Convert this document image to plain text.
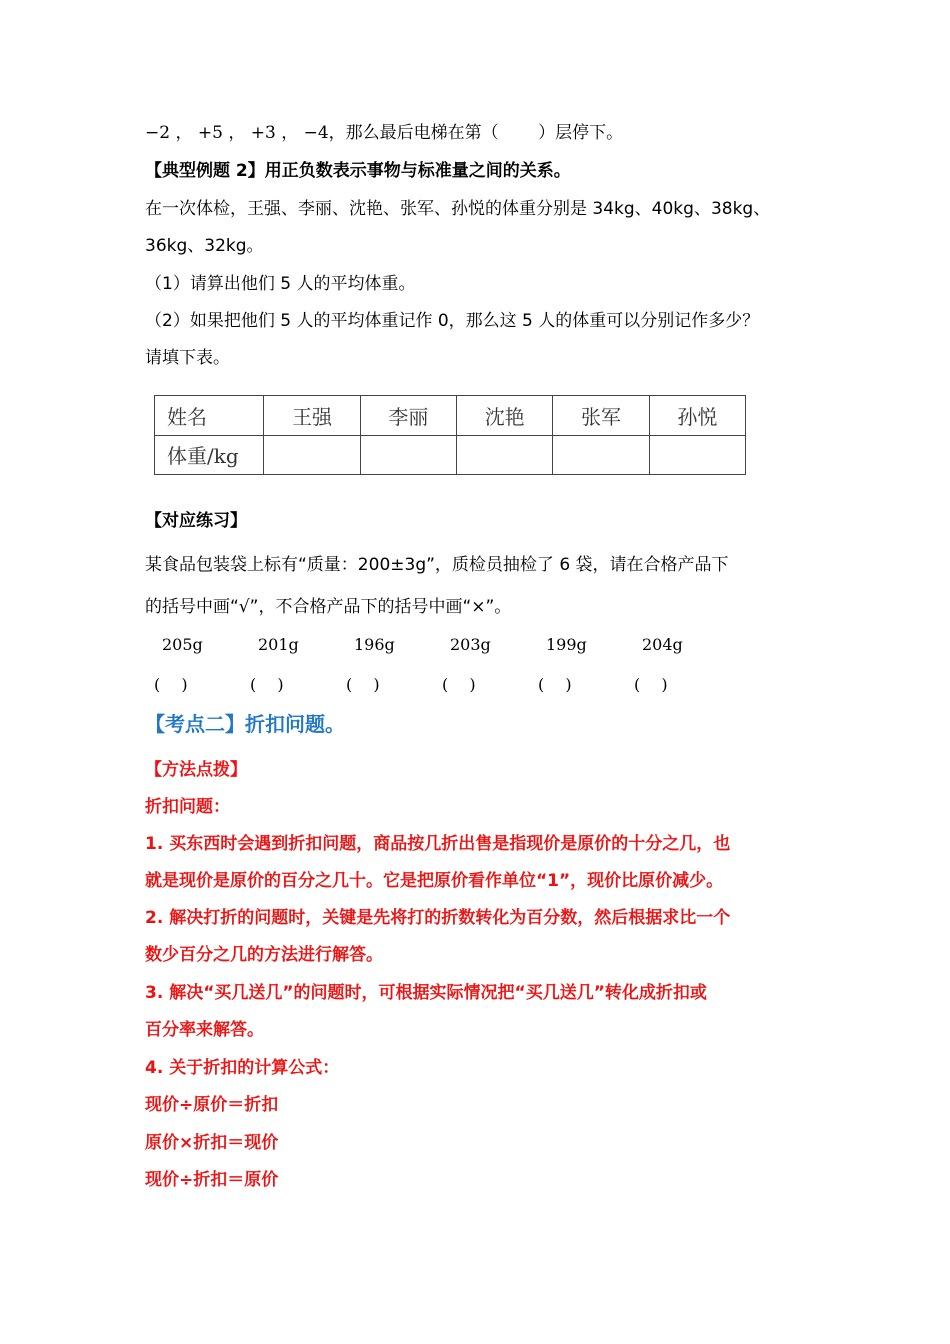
−2 ， +5 ， +3 ， −4，那么最后电梯在第（　　 ）层停下。
【典型例题 2】用正负数表示事物与标准量之间的关系。
在一次体检，王强、李丽、沈艳、张军、孙悦的体重分别是 34kg、40kg、38kg、
36kg、32kg。
（1）请算出他们 5 人的平均体重。
（2）如果把他们 5 人的平均体重记作 0，那么这 5 人的体重可以分别记作多少？
请填下表。
姓名	王强	李丽	沈艳	张军	孙悦
体重/kg					
【对应练习】
某食品包装袋上标有“质量：200±3g”，质检员抽检了 6 袋，请在合格产品下
的括号中画“√”，不合格产品下的括号中画“×”。
205g	201g	196g	203g	199g	204g
(　 )	(　 )	(　 )	(　 )	(　 )	(　 )
【考点二】折扣问题。
【方法点拨】
折扣问题：
1. 买东西时会遇到折扣问题，商品按几折出售是指现价是原价的十分之几，也
就是现价是原价的百分之几十。它是把原价看作单位“1”，现价比原价减少。
2. 解决打折的问题时，关键是先将打的折数转化为百分数，然后根据求比一个
数少百分之几的方法进行解答。
3. 解决“买几送几”的问题时，可根据实际情况把“买几送几”转化成折扣或
百分率来解答。
4. 关于折扣的计算公式：
现价÷原价＝折扣
原价×折扣＝现价
现价÷折扣＝原价
